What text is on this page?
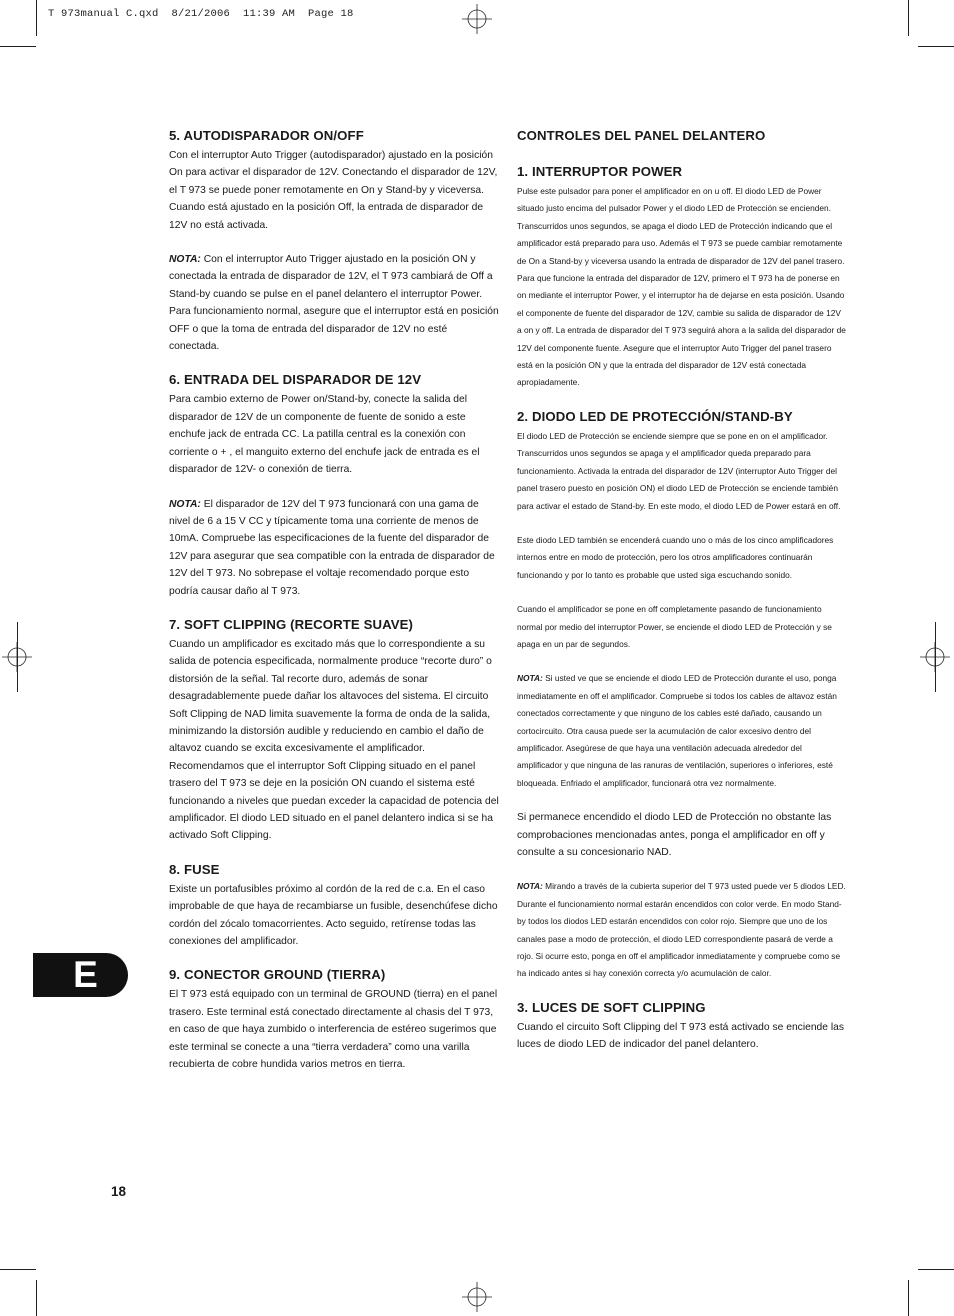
T 973manual C.qxd  8/21/2006  11:39 AM  Page 18
5. AUTODISPARADOR ON/OFF

Con el interruptor Auto Trigger (autodisparador) ajustado en la posición On para activar el disparador de 12V. Conectando el disparador de 12V, el T 973 se puede poner remotamente en On y Stand-by y viceversa. Cuando está ajustado en la posición Off, la entrada de disparador de 12V no está activada.

NOTA: Con el interruptor Auto Trigger ajustado en la posición ON y conectada la entrada de disparador de 12V, el T 973 cambiará de Off a Stand-by cuando se pulse en el panel delantero el interruptor Power. Para funcionamiento normal, asegure que el interruptor está en posición OFF o que la toma de entrada del disparador de 12V no esté conectada.

6. ENTRADA DEL DISPARADOR DE 12V

Para cambio externo de Power on/Stand-by, conecte la salida del disparador de 12V de un componente de fuente de sonido a este enchufe jack de entrada CC. La patilla central es la conexión con corriente o + , el manguito externo del enchufe jack de entrada es el disparador de 12V- o conexión de tierra.

NOTA: El disparador de 12V del T 973 funcionará con una gama de nivel de 6 a 15 V CC y típicamente toma una corriente de menos de 10mA. Compruebe las especificaciones de la fuente del disparador de 12V para asegurar que sea compatible con la entrada de disparador de 12V del T 973. No sobrepase el voltaje recomendado porque esto podría causar daño al T 973.

7. SOFT CLIPPING (RECORTE SUAVE)

Cuando un amplificador es excitado más que lo correspondiente a su salida de potencia especificada, normalmente produce “recorte duro” o distorsión de la señal. Tal recorte duro, además de sonar desagradablemente puede dañar los altavoces del sistema. El circuito Soft Clipping de NAD limita suavemente la forma de onda de la salida, minimizando la distorsión audible y reduciendo en cambio el daño de altavoz cuando se excita excesivamente el amplificador. Recomendamos que el interruptor Soft Clipping situado en el panel trasero del T 973 se deje en la posición ON cuando el sistema esté funcionando a niveles que puedan exceder la capacidad de potencia del amplificador. El diodo LED situado en el panel delantero indica si se ha activado Soft Clipping.

8. FUSE

Existe un portafusibles próximo al cordón de la red de c.a. En el caso improbable de que haya de recambiarse un fusible, desenchúfese dicho cordón del zócalo tomacorrientes. Acto seguido, retírense todas las conexiones del amplificador.

9. CONECTOR GROUND (TIERRA)

El T 973 está equipado con un terminal de GROUND (tierra) en el panel trasero. Este terminal está conectado directamente al chasis del T 973, en caso de que haya zumbido o interferencia de estéreo sugerimos que este terminal se conecte a una “tierra verdadera” como una varilla recubierta de cobre hundida varios metros en tierra.

CONTROLES DEL PANEL DELANTERO
1. INTERRUPTOR POWER

Pulse este pulsador para poner el amplificador en on u off. El diodo LED de Power situado justo encima del pulsador Power y el diodo LED de Protección se encienden. Transcurridos unos segundos, se apaga el diodo LED de Protección indicando que el amplificador está preparado para uso. Además el T 973 se puede cambiar remotamente de On a Stand-by y viceversa usando la entrada de disparador de 12V del panel trasero. Para que funcione la entrada del disparador de 12V, primero el T 973 ha de ponerse en on mediante el interruptor Power, y el interruptor ha de dejarse en esta posición. Usando el componente de fuente del disparador de 12V, cambie su salida de disparador de 12V a on y off. La entrada de disparador del T 973 seguirá ahora a la salida del disparador de 12V del componente fuente. Asegure que el interruptor Auto Trigger del panel trasero está en la posición ON y que la entrada del disparador de 12V está conectada apropiadamente.

2. DIODO LED DE PROTECCIÓN/STAND-BY

El diodo LED de Protección se enciende siempre que se pone en on el amplificador. Transcurridos unos segundos se apaga y el amplificador queda preparado para funcionamiento. Activada la entrada del disparador de 12V (interruptor Auto Trigger del panel trasero puesto en posición ON) el diodo LED de Protección se enciende también para activar el estado de Stand-by. En este modo, el diodo LED de Power estará en off.

Este diodo LED también se encenderá cuando uno o más de los cinco amplificadores internos entre en modo de protección, pero los otros amplificadores continuarán funcionando y por lo tanto es probable que usted siga escuchando sonido.

Cuando el amplificador se pone en off completamente pasando de funcionamiento normal por medio del interruptor Power, se enciende el diodo LED de Protección y se apaga en un par de segundos.

NOTA: Si usted ve que se enciende el diodo LED de Protección durante el uso, ponga inmediatamente en off el amplificador. Compruebe si todos los cables de altavoz están conectados correctamente y que ninguno de los cables esté dañado, causando un cortocircuito. Otra causa puede ser la acumulación de calor excesivo dentro del amplificador. Asegúrese de que haya una ventilación adecuada alrededor del amplificador y que ninguna de las ranuras de ventilación, superiores o inferiores, esté bloqueada. Enfriado el amplificador, funcionará otra vez normalmente.

Si permanece encendido el diodo LED de Protección no obstante las comprobaciones mencionadas antes, ponga el amplificador en off y consulte a su concesionario NAD.

NOTA: Mirando a través de la cubierta superior del T 973 usted puede ver 5 diodos LED. Durante el funcionamiento normal estarán encendidos con color verde. En modo Stand-by todos los diodos LED estarán encendidos con color rojo. Siempre que uno de los canales pase a modo de protección, el diodo LED correspondiente pasará de verde a rojo. Si ocurre esto, ponga en off el amplificador inmediatamente y compruebe como se ha indicado antes si hay conexión correcta y/o acumulación de calor.

3. LUCES DE SOFT CLIPPING

Cuando el circuito Soft Clipping del T 973 está activado se enciende las luces de diodo LED de indicador del panel delantero.

E
18
